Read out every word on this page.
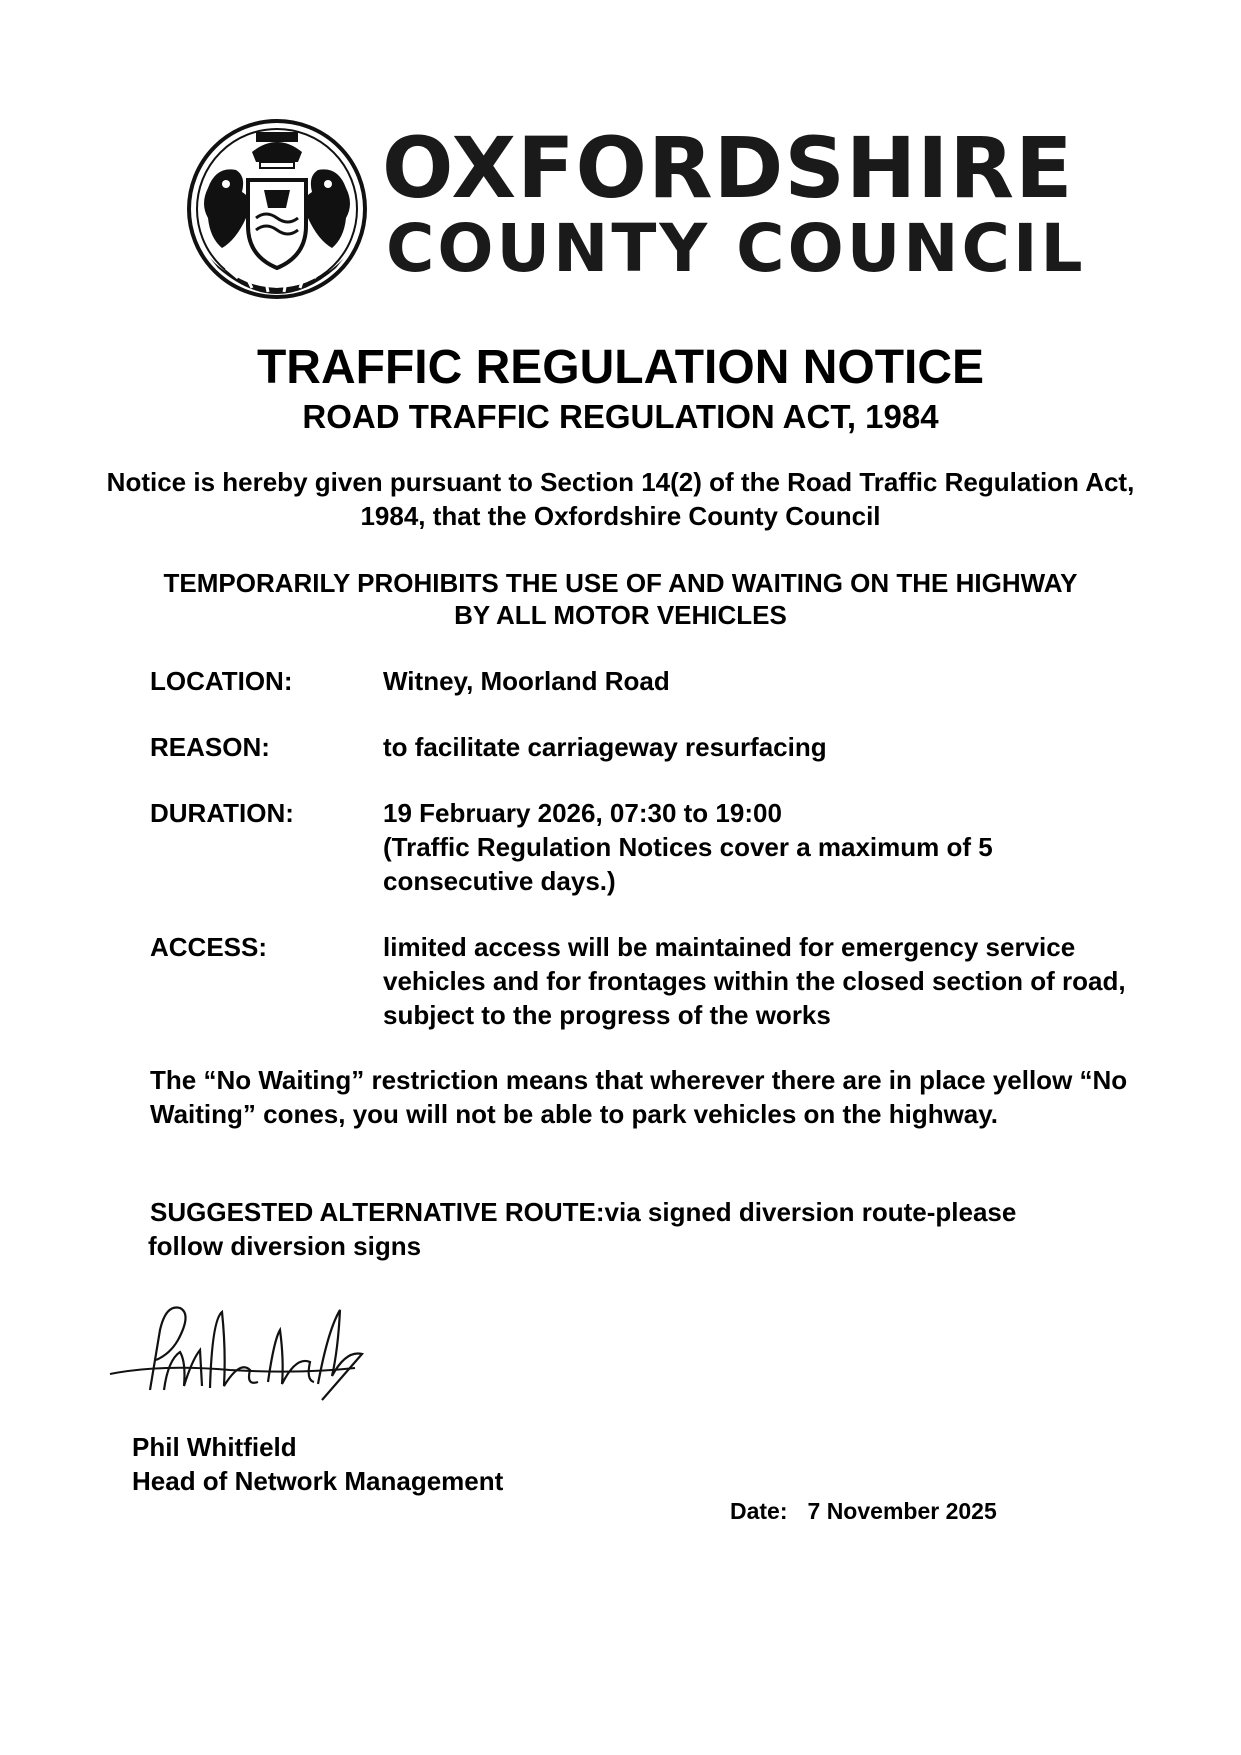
OXFORDSHIRE
COUNTY COUNCIL
TRAFFIC REGULATION NOTICE
ROAD TRAFFIC REGULATION ACT, 1984
Notice is hereby given pursuant to Section 14(2) of the Road Traffic Regulation Act, 1984, that the Oxfordshire County Council
TEMPORARILY PROHIBITS THE USE OF AND WAITING ON THE HIGHWAY
BY ALL MOTOR VEHICLES
LOCATION:	Witney, Moorland Road
REASON:	to facilitate carriageway resurfacing
DURATION:	19 February 2026, 07:30 to 19:00
(Traffic Regulation Notices cover a maximum of 5 consecutive days.)
ACCESS:	limited access will be maintained for emergency service vehicles and for frontages within the closed section of road, subject to the progress of the works
The “No Waiting” restriction means that wherever there are in place yellow “No Waiting” cones, you will not be able to park vehicles on the highway.
SUGGESTED ALTERNATIVE ROUTE:via signed diversion route-please
follow diversion signs
Phil Whitfield
Head of Network Management
Date: 7 November 2025
